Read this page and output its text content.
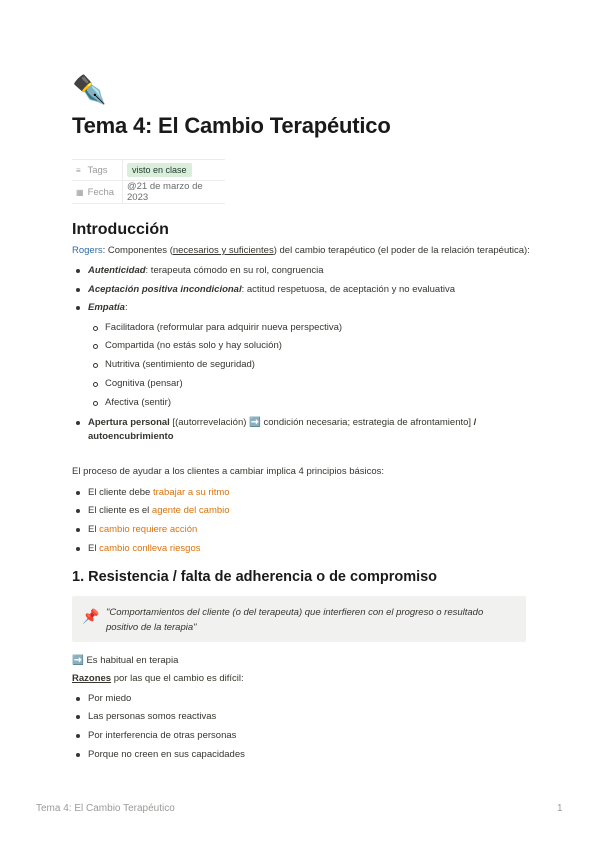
✒️
Tema 4: El Cambio Terapéutico
≡ Tags	visto en clase
▦ Fecha	@21 de marzo de 2023
Introducción
Rogers: Componentes (necesarios y suficientes) del cambio terapéutico (el poder de la relación terapéutica):
Autenticidad: terapeuta cómodo en su rol, congruencia
Aceptación positiva incondicional: actitud respetuosa, de aceptación y no evaluativa
Empatía:
Facilitadora (reformular para adquirir nueva perspectiva)
Compartida (no estás solo y hay solución)
Nutritiva (sentimiento de seguridad)
Cognitiva (pensar)
Afectiva (sentir)
Apertura personal [(autorrevelación) ➡️ condición necesaria; estrategia de afrontamiento] /
autoencubrimiento
El proceso de ayudar a los clientes a cambiar implica 4 principios básicos:
El cliente debe trabajar a su ritmo
El cliente es el agente del cambio
El cambio requiere acción
El cambio conlleva riesgos
1. Resistencia / falta de adherencia o de compromiso
📌 "Comportamientos del cliente (o del terapeuta) que interfieren con el progreso o resultado positivo de la terapia"
➡️ Es habitual en terapia
Razones por las que el cambio es difícil:
Por miedo
Las personas somos reactivas
Por interferencia de otras personas
Porque no creen en sus capacidades
Tema 4: El Cambio Terapéutico	1
